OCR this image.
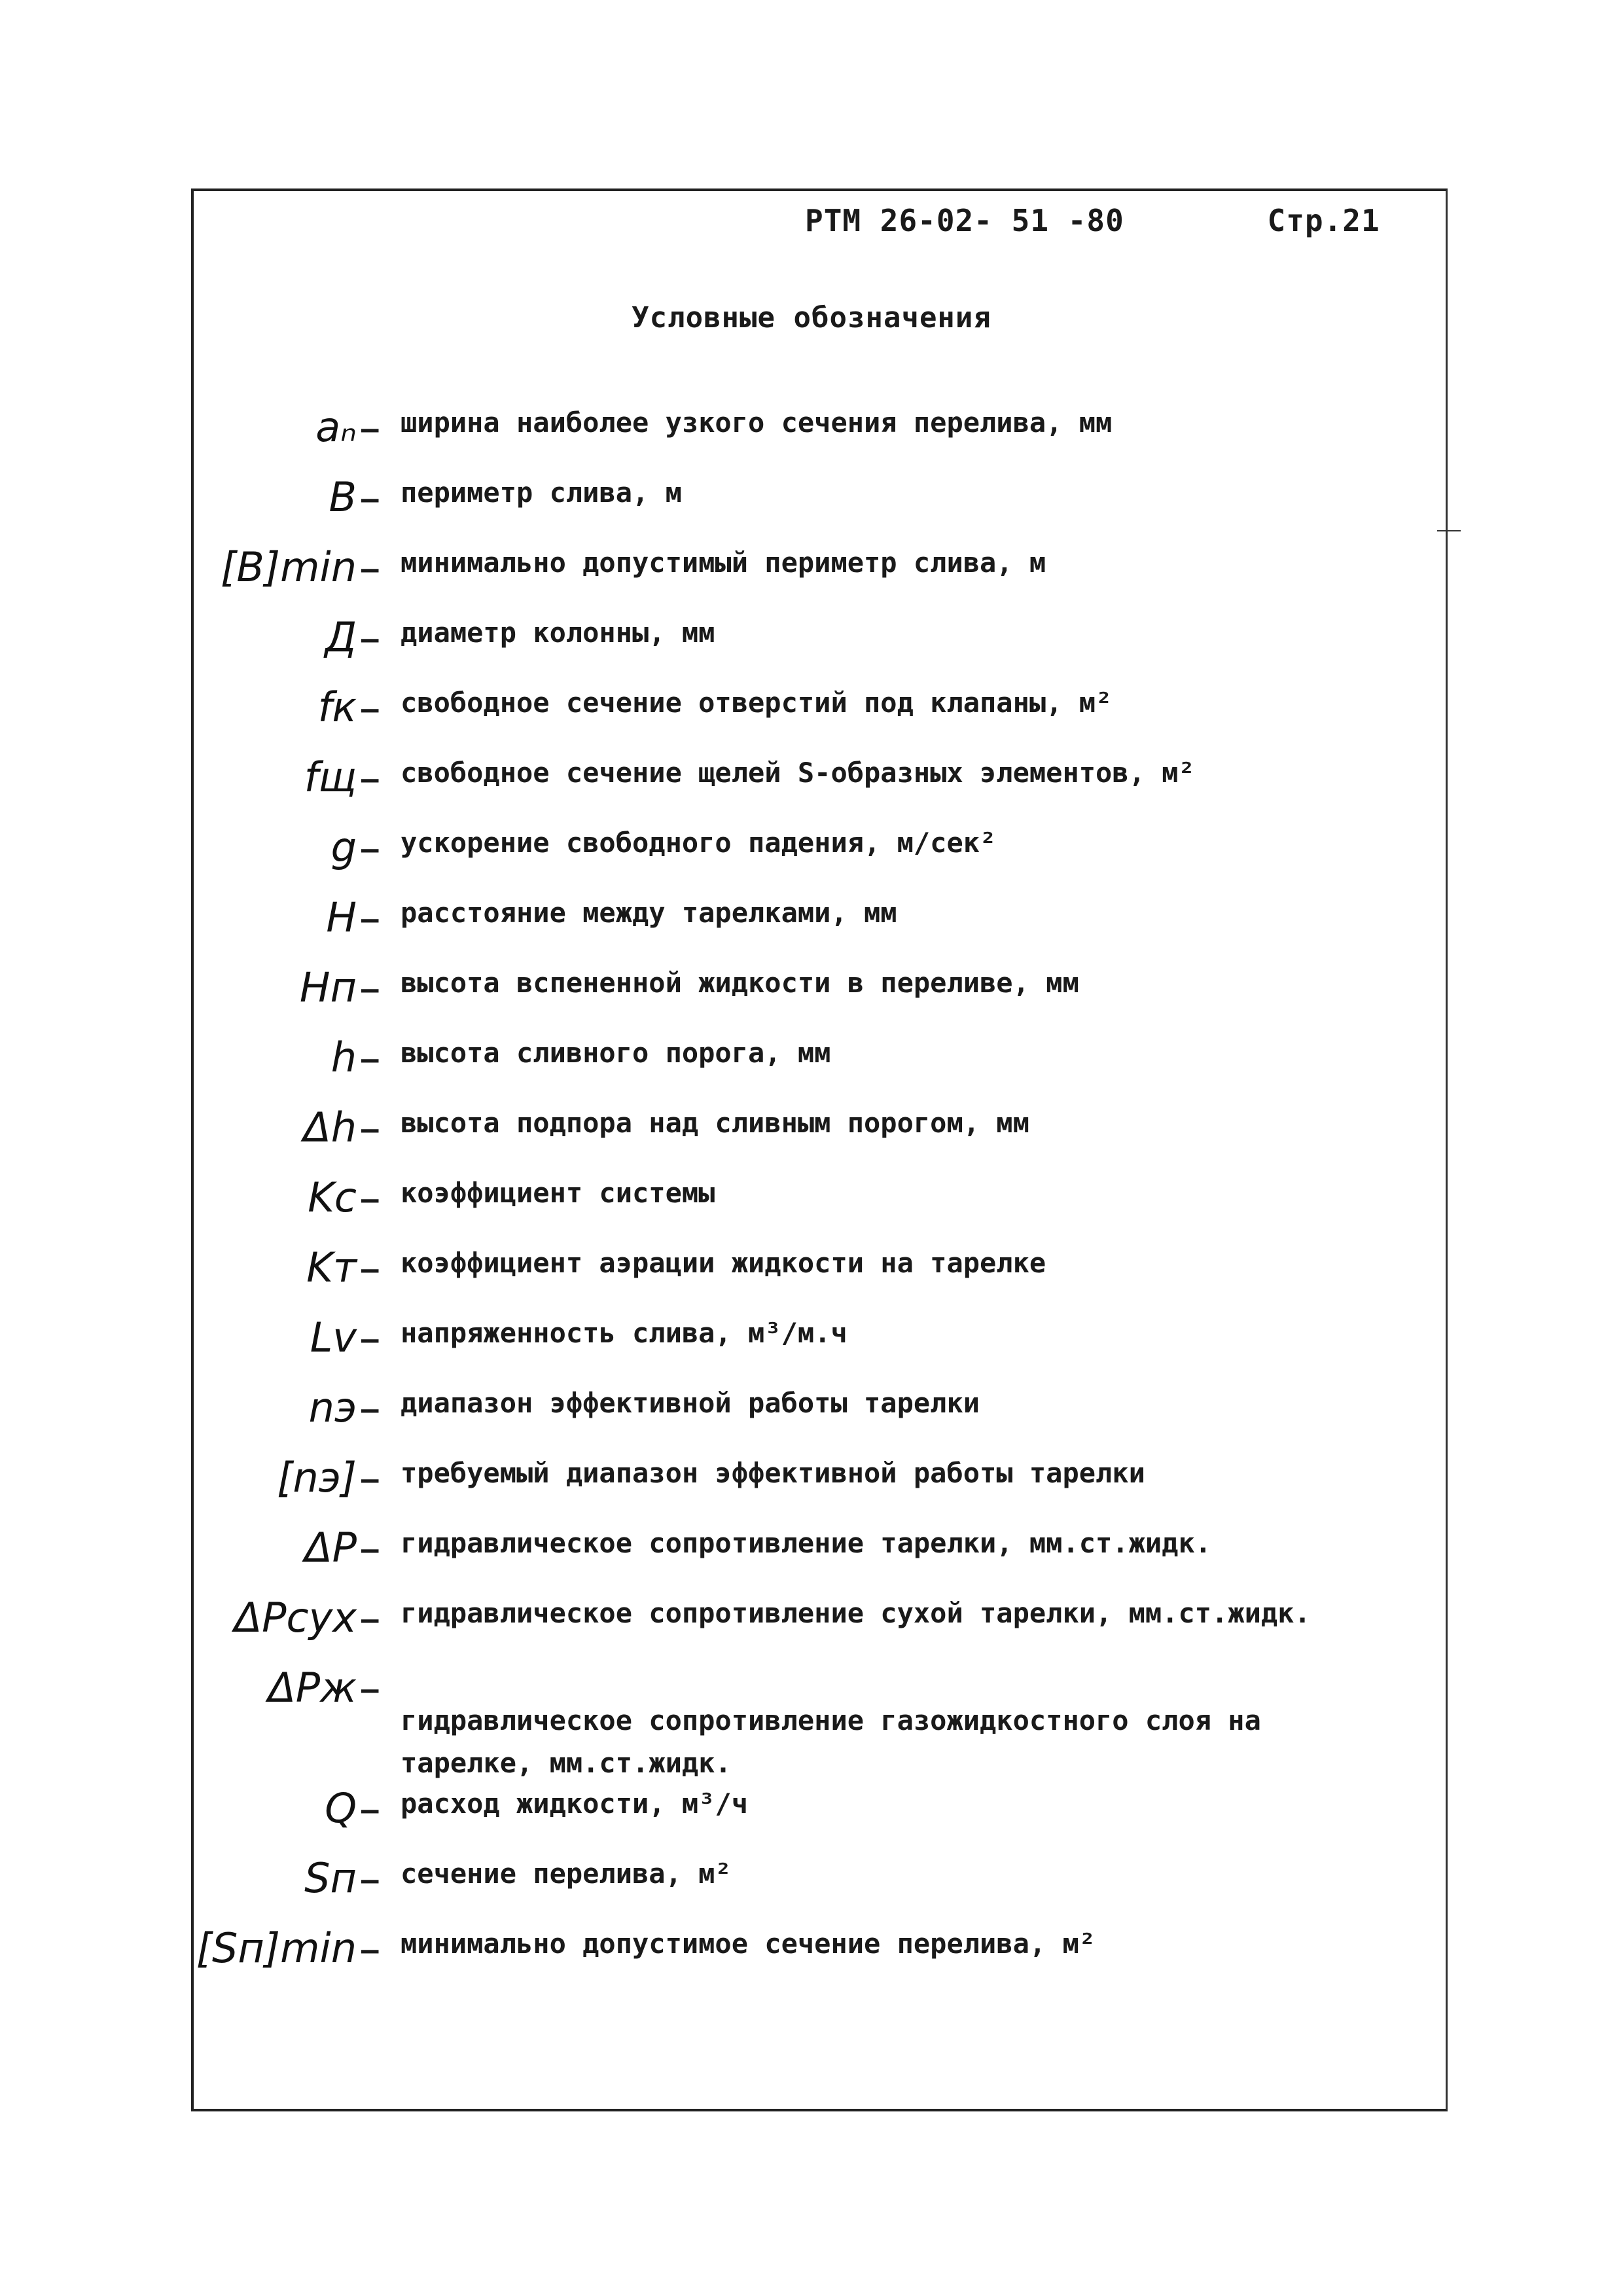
РТМ 26-02- 51 -80	Стр.21
Условные обозначения
aₙ – ширина наиболее узкого сечения перелива, мм
B – периметр слива, м
[B]min – минимально допустимый периметр слива, м
Д – диаметр колонны, мм
fк – свободное сечение отверстий под клапаны, м²
fщ – свободное сечение щелей S-образных элементов, м²
g – ускорение свободного падения, м/сек²
H – расстояние между тарелками, мм
Hп – высота вспененной жидкости в переливе, мм
h – высота сливного порога, мм
Δh – высота подпора над сливным порогом, мм
Kc – коэффициент системы
Kт – коэффициент аэрации жидкости на тарелке
Lv – напряженность слива, м³/м.ч
nэ – диапазон эффективной работы тарелки
[nэ] – требуемый диапазон эффективной работы тарелки
ΔP – гидравлическое сопротивление тарелки, мм.ст.жидк.
ΔPсух – гидравлическое сопротивление сухой тарелки, мм.ст.жидк.
ΔPж –
гидравлическое сопротивление газожидкостного слоя на тарелке, мм.ст.жидк.
Q – расход жидкости, м³/ч
Sп – сечение перелива, м²
[Sп]min – минимально допустимое сечение перелива, м²
